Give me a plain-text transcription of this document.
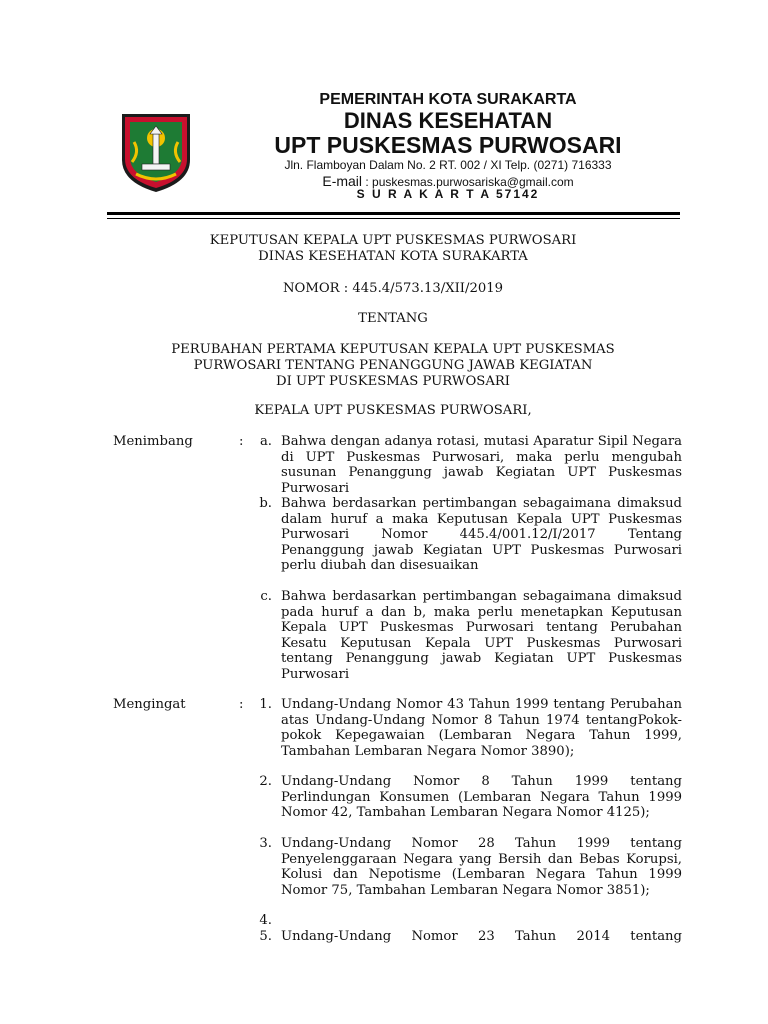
PEMERINTAH KOTA SURAKARTA
DINAS KESEHATAN
UPT PUSKESMAS PURWOSARI
Jln. Flamboyan Dalam No. 2 RT. 002 / XI Telp. (0271) 716333
E-mail : puskesmas.purwosariska@gmail.com
S U R A K A R T A 57142
KEPUTUSAN KEPALA UPT PUSKESMAS PURWOSARI
DINAS KESEHATAN KOTA SURAKARTA
NOMOR : 445.4/573.13/XII/2019
TENTANG
PERUBAHAN PERTAMA KEPUTUSAN KEPALA UPT PUSKESMAS
PURWOSARI TENTANG PENANGGUNG JAWAB KEGIATAN
DI UPT PUSKESMAS PURWOSARI
KEPALA UPT PUSKESMAS PURWOSARI,
Menimbang	:	a. Bahwa dengan adanya rotasi, mutasi Aparatur Sipil Negara di UPT Puskesmas Purwosari, maka perlu mengubah susunan Penanggung jawab Kegiatan UPT Puskesmas Purwosari
b. Bahwa berdasarkan pertimbangan sebagaimana dimaksud dalam huruf a maka Keputusan Kepala UPT Puskesmas Purwosari Nomor 445.4/001.12/I/2017 Tentang Penanggung jawab Kegiatan UPT Puskesmas Purwosari perlu diubah dan disesuaikan
c. Bahwa berdasarkan pertimbangan sebagaimana dimaksud pada huruf a dan b, maka perlu menetapkan Keputusan Kepala UPT Puskesmas Purwosari tentang Perubahan Kesatu Keputusan Kepala UPT Puskesmas Purwosari tentang Penanggung jawab Kegiatan UPT Puskesmas Purwosari
Mengingat	:	1. Undang-Undang Nomor 43 Tahun 1999 tentang Perubahan atas Undang-Undang Nomor 8 Tahun 1974 tentangPokok-pokok Kepegawaian (Lembaran Negara Tahun 1999, Tambahan Lembaran Negara Nomor 3890);
2. Undang-Undang Nomor 8 Tahun 1999 tentang Perlindungan Konsumen (Lembaran Negara Tahun 1999 Nomor 42, Tambahan Lembaran Negara Nomor 4125);
3. Undang-Undang Nomor 28 Tahun 1999 tentang Penyelenggaraan Negara yang Bersih dan Bebas Korupsi, Kolusi dan Nepotisme (Lembaran Negara Tahun 1999 Nomor 75, Tambahan Lembaran Negara Nomor 3851);
4.
5. Undang-Undang Nomor 23 Tahun 2014 tentang
